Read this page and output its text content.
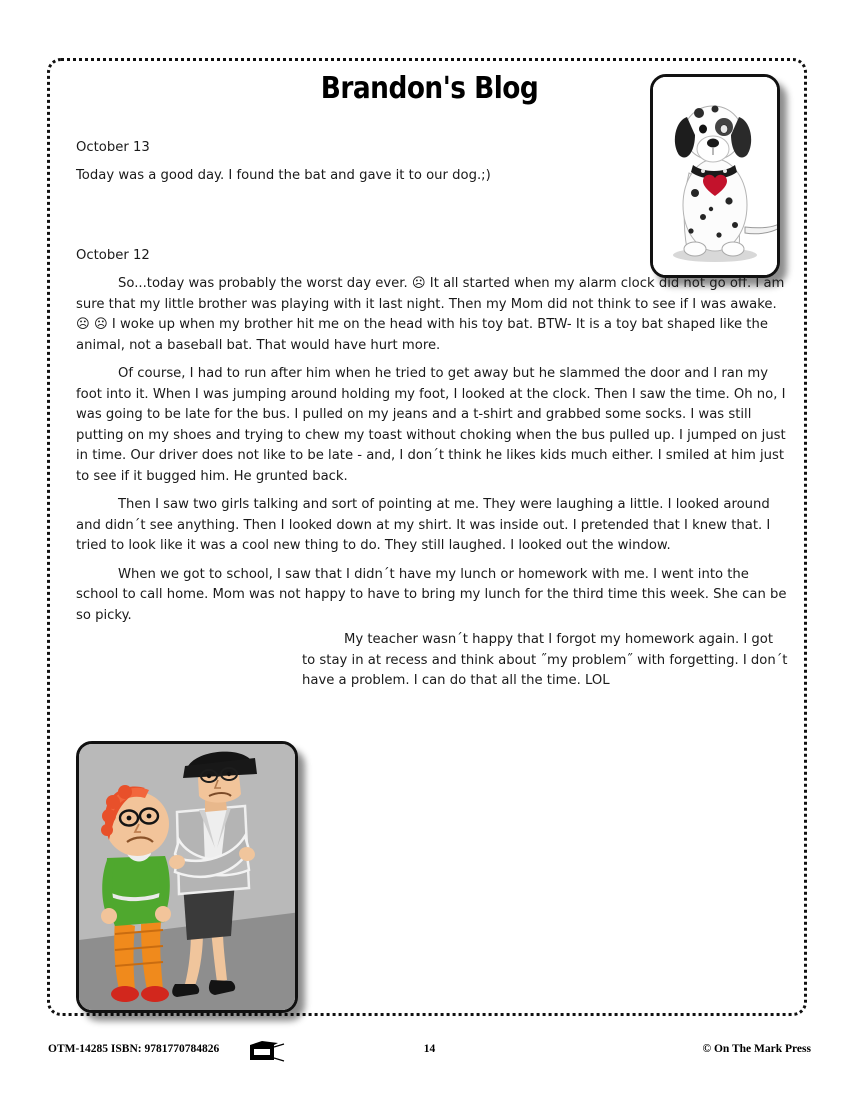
Brandon's Blog

October 13

Today was a good day. I found the bat and gave it to our dog.;)

October 12

So...today was probably the worst day ever. ☹ It all started when my alarm clock did not go off. I am sure that my little brother was playing with it last night. Then my Mom did not think to see if I was awake. ☹ ☹ I woke up when my brother hit me on the head with his toy bat. BTW- It is a toy bat shaped like the animal, not a baseball bat. That would have hurt more.

Of course, I had to run after him when he tried to get away but he slammed the door and I ran my foot into it. When I was jumping around holding my foot, I looked at the clock. Then I saw the time. Oh no, I was going to be late for the bus. I pulled on my jeans and a t-shirt and grabbed some socks. I was still putting on my shoes and trying to chew my toast without choking when the bus pulled up. I jumped on just in time. Our driver does not like to be late - and, I don´t think he likes kids much either. I smiled at him just to see if it bugged him. He grunted back.

Then I saw two girls talking and sort of pointing at me. They were laughing a little. I looked around and didn´t see anything. Then I looked down at my shirt. It was inside out. I pretended that I knew that. I tried to look like it was a cool new thing to do. They still laughed. I looked out the window.

When we got to school, I saw that I didn´t have my lunch or homework with me. I went into the school to call home. Mom was not happy to have to bring my lunch for the third time this week. She can be so picky.

My teacher wasn´t happy that I forgot my homework again. I got to stay in at recess and think about ˝my problem˝ with forgetting. I don´t have a problem. I can do that all the time. LOL

OTM-14285 ISBN: 9781770784826	14	© On The Mark Press
